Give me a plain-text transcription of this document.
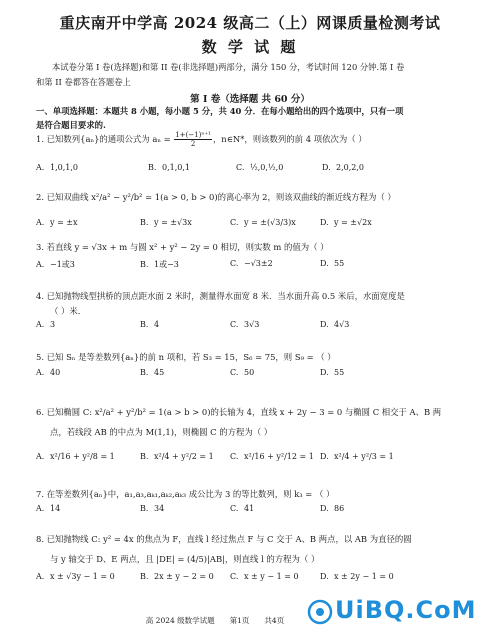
重庆南开中学高 2024 级高二（上）网课质量检测考试
数 学 试 题
本试卷分第 I 卷(选择题)和第 II 卷(非选择题)两部分，满分 150 分，考试时间 120 分钟.第 I 卷
和第 II 卷都答在答题卷上
第 I 卷（选择题 共 60 分）
一、单项选择题：本题共 8 小题，每小题 5 分，共 40 分．在每小题给出的四个选项中，只有一项
是符合题目要求的.
1. 已知数列{aₙ}的通项公式为 $a_n = \frac{\text{1+(−1)ⁿ⁺¹}}{2}$ ，n∈N*，则该数列的前 4 项依次为（ ）
A. 1,0,1,0	B. 0,1,0,1	C. ½,0,½,0	D. 2,0,2,0
2. 已知双曲线 x²/a² − y²/b² = 1(a > 0, b > 0)的离心率为 2，则该双曲线的渐近线方程为（ ）
A. y = ±x	B. y = ±√3x	C. y = ±(√3/3)x	D. y = ±√2x
3. 若直线 y = √3x + m 与圆 x² + y² − 2y = 0 相切，则实数 m 的值为（ ）
A. −1或3	B. 1或−3	C. −√3±2	D. 55
4. 已知抛物线型拱桥的顶点距水面 2 米时，测量得水面宽 8 米．当水面升高 0.5 米后，水面宽度是
（ ）米.
A. 3	B. 4	C. 3√3	D. 4√3
5. 已知 Sₙ 是等差数列{aₙ}的前 n 项和，若 S₃ = 15，S₆ = 75，则 S₉ = （ ）
A. 40	B. 45	C. 50	D. 55
6. 已知椭圆 C: x²/a² + y²/b² = 1(a > b > 0)的长轴为 4，直线 x + 2y − 3 = 0 与椭圆 C 相交于 A、B 两
点，若线段 AB 的中点为 M(1,1)，则椭圆 C 的方程为（ ）
A. x²/16 + y²/8 = 1	B. x²/4 + y²/2 = 1 C. x²/16 + y²/12 = 1 D. x²/4 + y²/3 = 1
7. 在等差数列{aₙ}中，a₁,a₃,aₖ₁,aₖ₂,aₖ₃ 成公比为 3 的等比数列，则 k₃ = （ ）
A. 14	B. 34	C. 41	D. 86
8. 已知抛物线 C: y² = 4x 的焦点为 F，直线 l 经过焦点 F 与 C 交于 A、B 两点，以 AB 为直径的圆
与 y 轴交于 D、E 两点，且 |DE| = (4/5)|AB|，则直线 l 的方程为（ ）
A. x ± √3y − 1 = 0	B. 2x ± y − 2 = 0 C. x ± y − 1 = 0	D. x ± 2y − 1 = 0
高 2024 级数学试题　　第1页　　共4页	UiBQ.CoM
